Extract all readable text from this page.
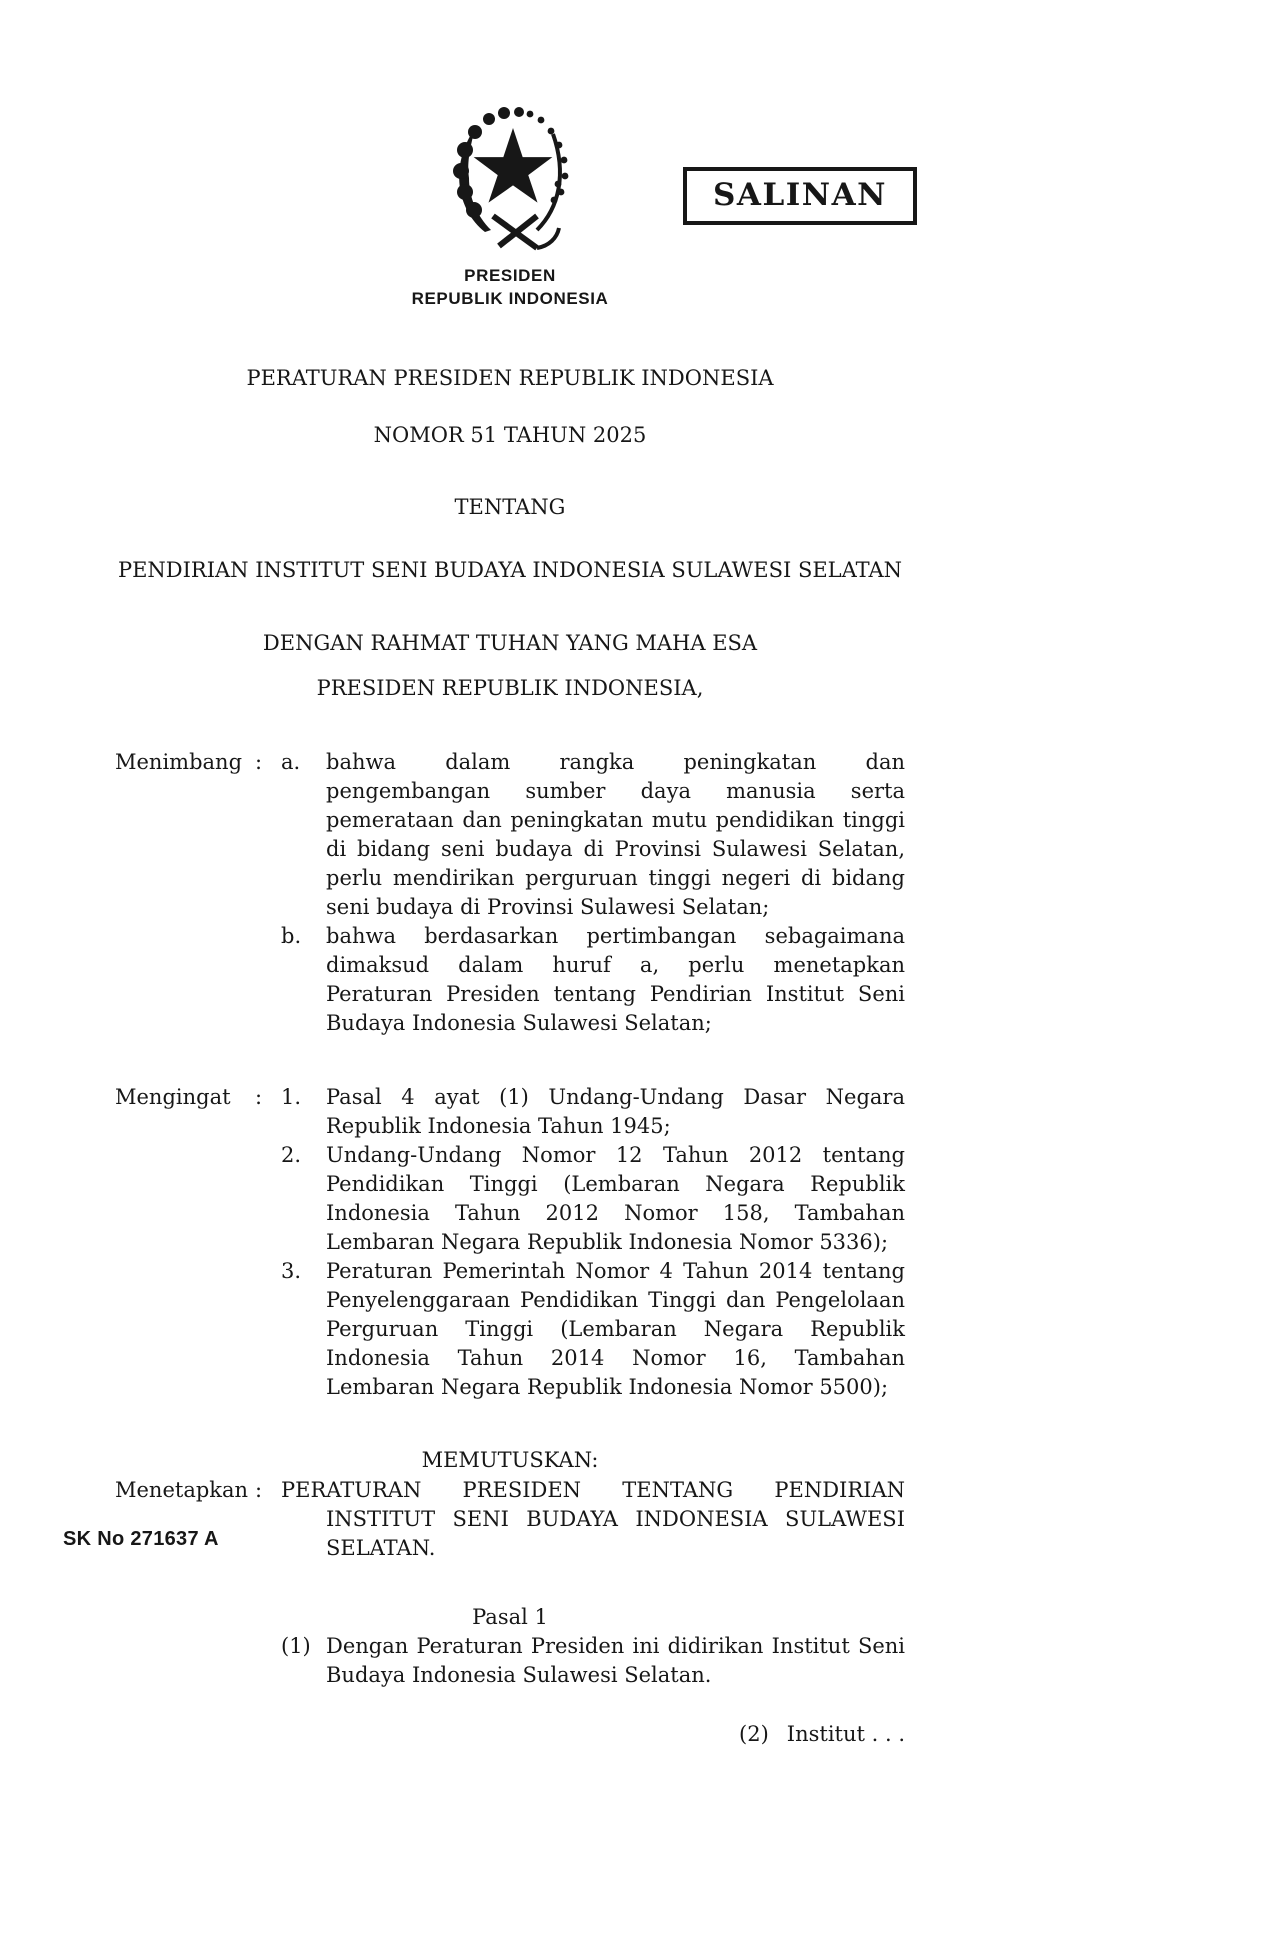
SALINAN
PRESIDEN
REPUBLIK INDONESIA

PERATURAN PRESIDEN REPUBLIK INDONESIA

NOMOR 51 TAHUN 2025

TENTANG

PENDIRIAN INSTITUT SENI BUDAYA INDONESIA SULAWESI SELATAN

DENGAN RAHMAT TUHAN YANG MAHA ESA

PRESIDEN REPUBLIK INDONESIA,

Menimbang : a.	bahwa dalam rangka peningkatan dan pengembangan sumber daya manusia serta pemerataan dan peningkatan mutu pendidikan tinggi di bidang seni budaya di Provinsi Sulawesi Selatan, perlu mendirikan perguruan tinggi negeri di bidang seni budaya di Provinsi Sulawesi Selatan;
b.	bahwa berdasarkan pertimbangan sebagaimana dimaksud dalam huruf a, perlu menetapkan Peraturan Presiden tentang Pendirian Institut Seni Budaya Indonesia Sulawesi Selatan;
Mengingat	: 1.	Pasal 4 ayat (1) Undang-Undang Dasar Negara Republik Indonesia Tahun 1945;
2.	Undang-Undang Nomor 12 Tahun 2012 tentang Pendidikan Tinggi (Lembaran Negara Republik Indonesia Tahun 2012 Nomor 158, Tambahan Lembaran Negara Republik Indonesia Nomor 5336);
3.	Peraturan Pemerintah Nomor 4 Tahun 2014 tentang Penyelenggaraan Pendidikan Tinggi dan Pengelolaan Perguruan Tinggi (Lembaran Negara Republik Indonesia Tahun 2014 Nomor 16, Tambahan Lembaran Negara Republik Indonesia Nomor 5500);
MEMUTUSKAN:
Menetapkan : PERATURAN PRESIDEN TENTANG PENDIRIAN INSTITUT SENI BUDAYA INDONESIA SULAWESI SELATAN.
Pasal 1
(1) Dengan Peraturan Presiden ini didirikan Institut Seni Budaya Indonesia Sulawesi Selatan.
(2) Institut . . .
SK No 271637 A
